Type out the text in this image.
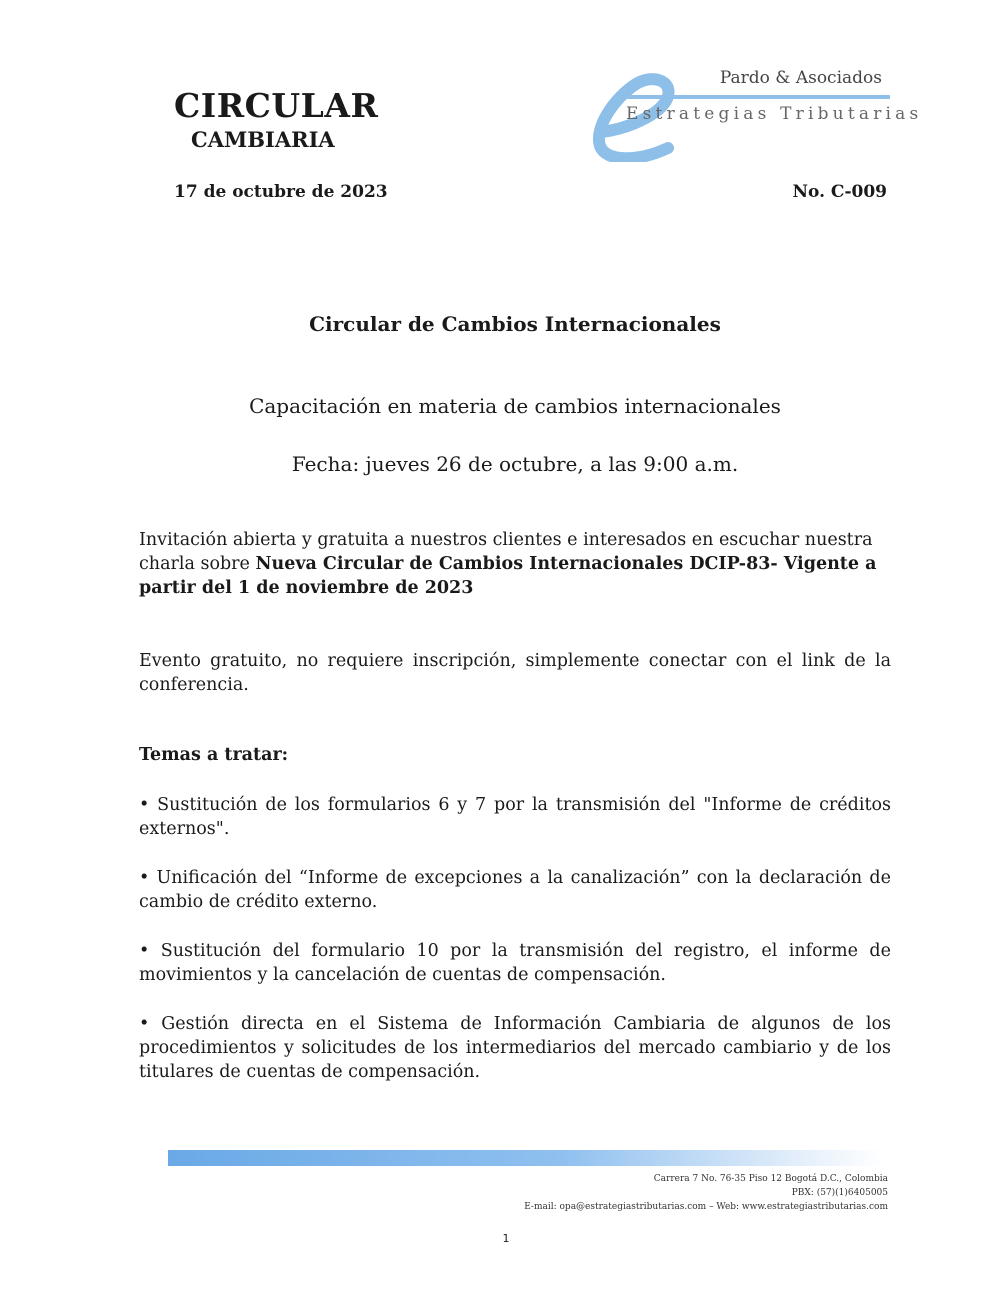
CIRCULAR
CAMBIARIA
Pardo & Asociados
Estrategias Tributarias
17 de octubre de 2023	No. C-009
Circular de Cambios Internacionales
Capacitación en materia de cambios internacionales
Fecha: jueves 26 de octubre, a las 9:00 a.m.
Invitación abierta y gratuita a nuestros clientes e interesados en escuchar nuestra charla sobre Nueva Circular de Cambios Internacionales DCIP-83- Vigente a partir del 1 de noviembre de 2023
Evento gratuito, no requiere inscripción, simplemente conectar con el link de la conferencia.
Temas a tratar:
• Sustitución de los formularios 6 y 7 por la transmisión del "Informe de créditos externos".
• Unificación del “Informe de excepciones a la canalización” con la declaración de cambio de crédito externo.
• Sustitución del formulario 10 por la transmisión del registro, el informe de movimientos y la cancelación de cuentas de compensación.
• Gestión directa en el Sistema de Información Cambiaria de algunos de los procedimientos y solicitudes de los intermediarios del mercado cambiario y de los titulares de cuentas de compensación.
Carrera 7 No. 76-35 Piso 12 Bogotá D.C., Colombia
PBX: (57)(1)6405005
E-mail: opa@estrategiastributarias.com – Web: www.estrategiastributarias.com
1
